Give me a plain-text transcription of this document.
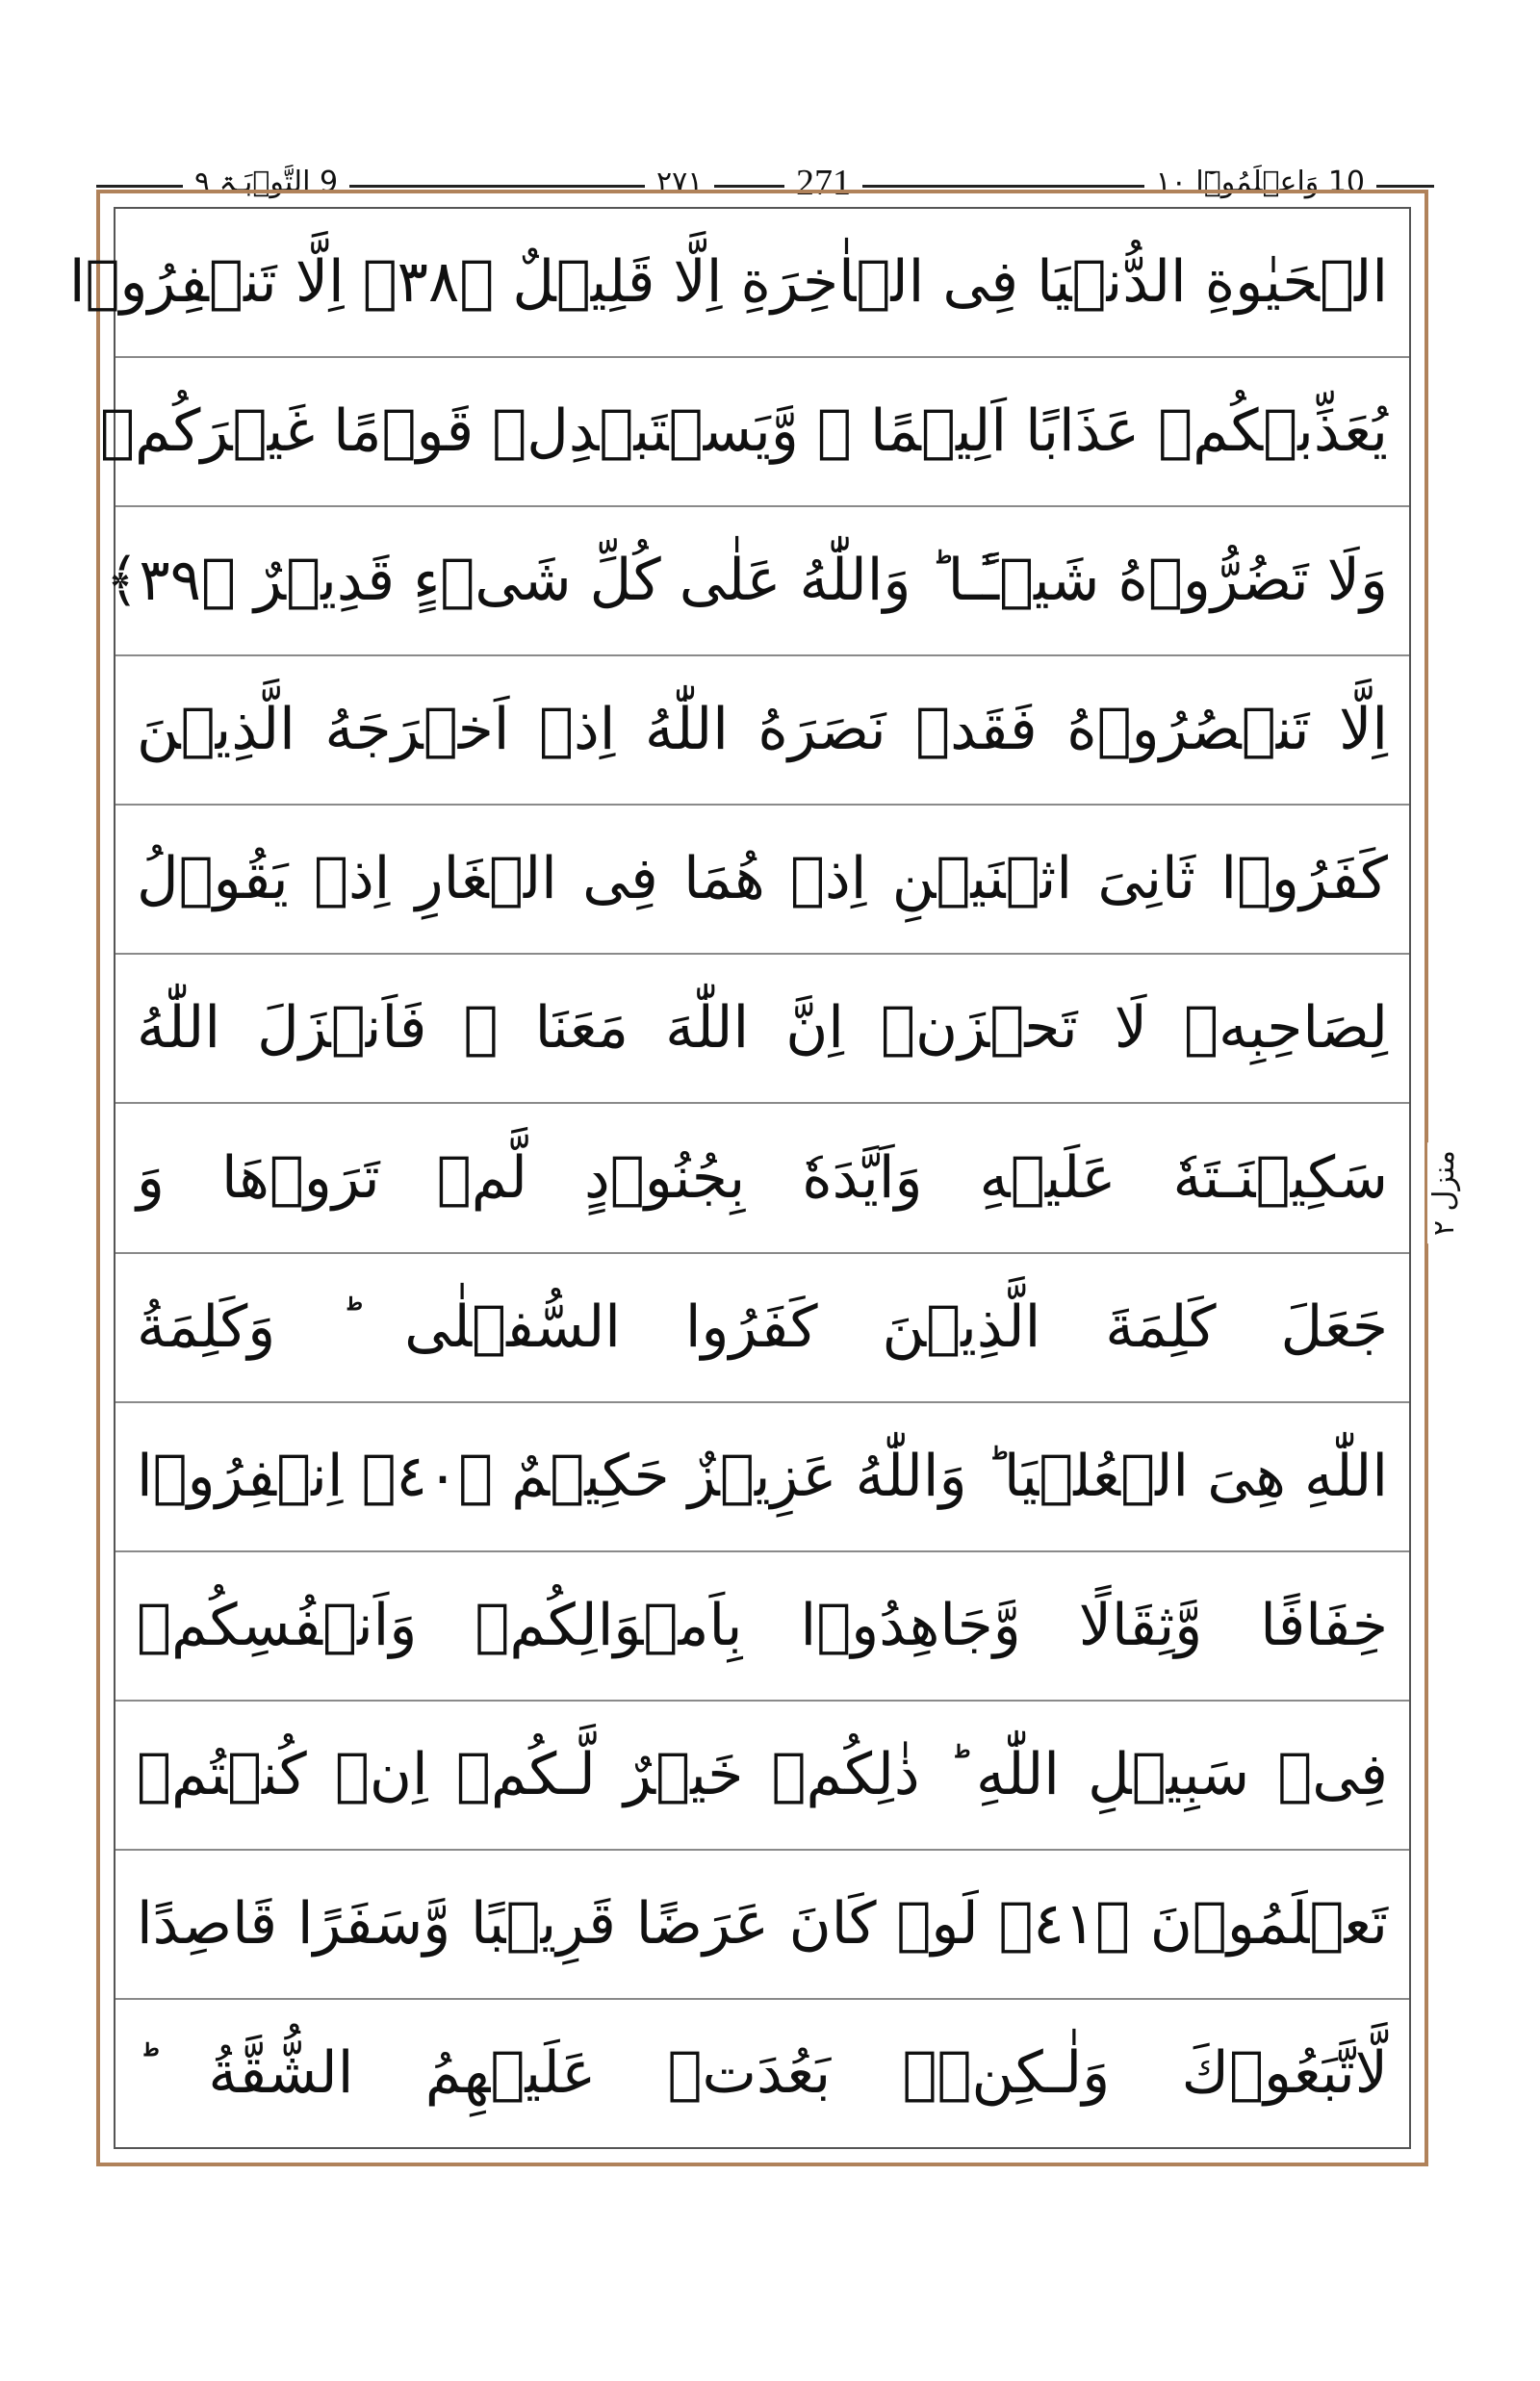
10 وَاعۡلَمُوۡٓا ١٠
٢٧١	271
9 التَّوۡبَـۃ ٩
الۡحَيٰوةِ الدُّنۡيَا فِى الۡاٰخِرَةِ اِلَّا قَلِيۡلٌ ﴿٣٨﴾ اِلَّا تَنۡفِرُوۡا
يُعَذِّبۡكُمۡ عَذَابًا اَلِيۡمًا ۙ وَّيَسۡتَبۡدِلۡ قَوۡمًا غَيۡرَكُمۡ
وَلَا تَضُرُّوۡهُ شَيۡـًٔـا ؕ وَاللّٰهُ عَلٰى كُلِّ شَىۡءٍ قَدِيۡرٌ ﴿٣٩﴾
اِلَّا تَنۡصُرُوۡهُ فَقَدۡ نَصَرَهُ اللّٰهُ اِذۡ اَخۡرَجَهُ الَّذِيۡنَ
كَفَرُوۡا ثَانِىَ اثۡنَيۡنِ اِذۡ هُمَا فِى الۡغَارِ اِذۡ يَقُوۡلُ
لِصَاحِبِهٖ لَا تَحۡزَنۡ اِنَّ اللّٰهَ مَعَنَا ۚ فَاَنۡزَلَ اللّٰهُ
سَكِيۡنَـتَهٗ عَلَيۡهِ وَاَيَّدَهٗ بِجُنُوۡدٍ لَّمۡ تَرَوۡهَا وَ
جَعَلَ كَلِمَةَ الَّذِيۡنَ كَفَرُوا السُّفۡلٰى ؕ وَكَلِمَةُ
اللّٰهِ هِىَ الۡعُلۡيَا ؕ وَاللّٰهُ عَزِيۡزٌ حَكِيۡمٌ ﴿٤٠﴾ اِنۡفِرُوۡا
خِفَافًا وَّثِقَالًا وَّجَاهِدُوۡا بِاَمۡوَالِكُمۡ وَاَنۡفُسِكُمۡ
فِىۡ سَبِيۡلِ اللّٰهِ ؕ ذٰلِكُمۡ خَيۡرٌ لَّـكُمۡ اِنۡ كُنۡتُمۡ
تَعۡلَمُوۡنَ ﴿٤١﴾ لَوۡ كَانَ عَرَضًا قَرِيۡبًا وَّسَفَرًا قَاصِدًا
لَّاتَّبَعُوۡكَ وَلٰـكِنۡۢ بَعُدَتۡ عَلَيۡهِمُ الشُّقَّةُ ؕ
منزل ٢
